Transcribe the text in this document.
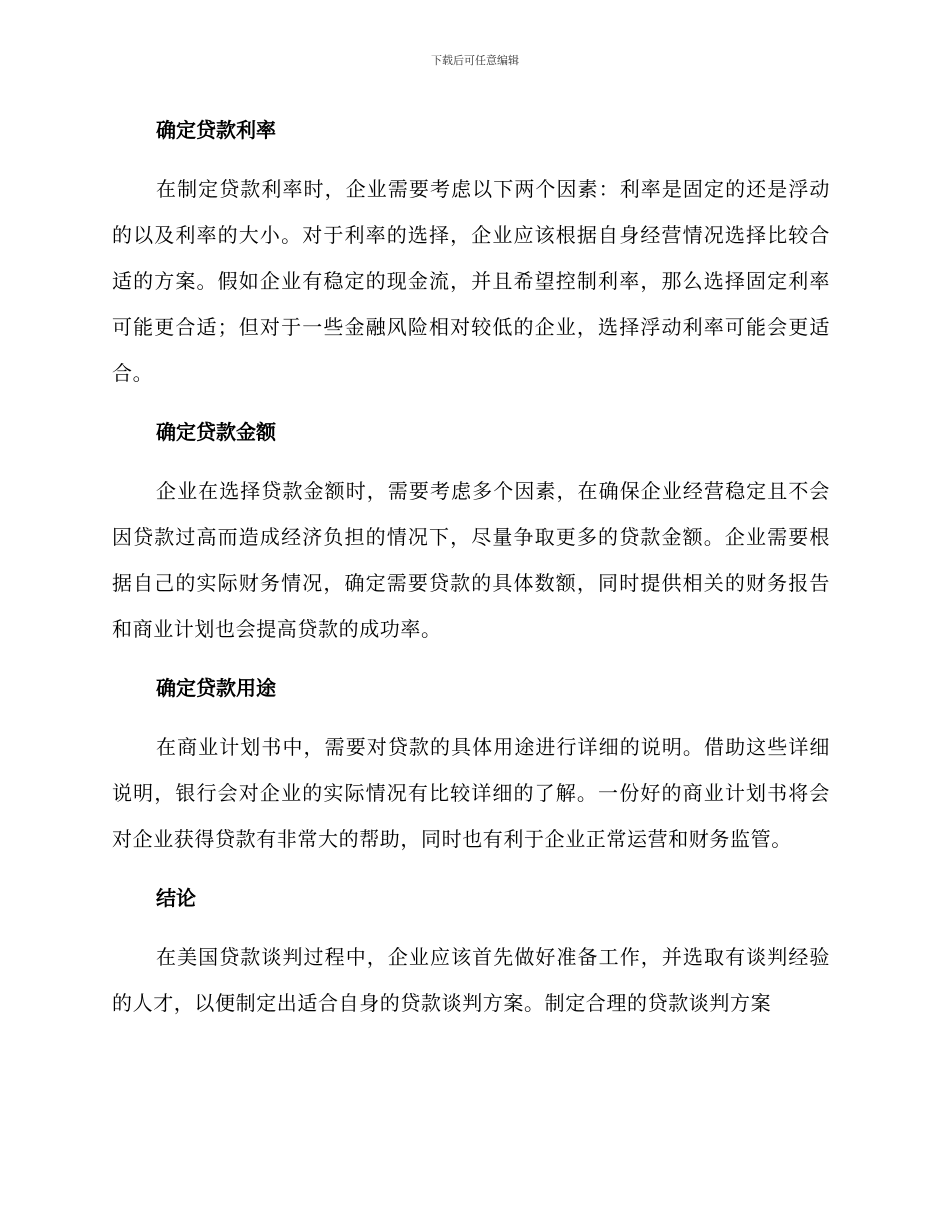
下载后可任意编辑
确定贷款利率

在制定贷款利率时，企业需要考虑以下两个因素：利率是固定的还是浮动的以及利率的大小。对于利率的选择，企业应该根据自身经营情况选择比较合适的方案。假如企业有稳定的现金流，并且希望控制利率，那么选择固定利率可能更合适；但对于一些金融风险相对较低的企业，选择浮动利率可能会更适合。

确定贷款金额

企业在选择贷款金额时，需要考虑多个因素，在确保企业经营稳定且不会因贷款过高而造成经济负担的情况下，尽量争取更多的贷款金额。企业需要根据自己的实际财务情况，确定需要贷款的具体数额，同时提供相关的财务报告和商业计划也会提高贷款的成功率。

确定贷款用途

在商业计划书中，需要对贷款的具体用途进行详细的说明。借助这些详细说明，银行会对企业的实际情况有比较详细的了解。一份好的商业计划书将会对企业获得贷款有非常大的帮助，同时也有利于企业正常运营和财务监管。

结论

在美国贷款谈判过程中，企业应该首先做好准备工作，并选取有谈判经验的人才，以便制定出适合自身的贷款谈判方案。制定合理的贷款谈判方案
